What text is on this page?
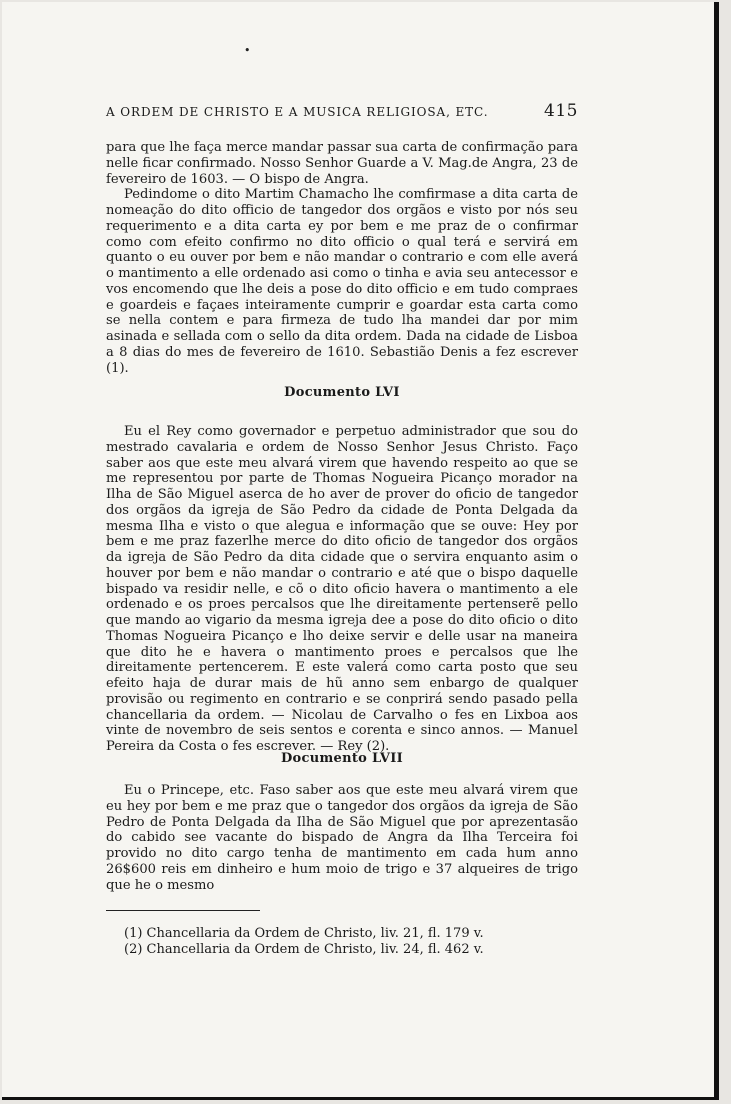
•
A ORDEM DE CHRISTO E A MUSICA RELIGIOSA, ETC.	415

para que lhe faça merce mandar passar sua carta de confirmação para nelle ficar confirmado. Nosso Senhor Guarde a V. Mag.de Angra, 23 de fevereiro de 1603. — O bispo de Angra.

Pedindome o dito Martim Chamacho lhe comfirmase a dita carta de nomeação do dito officio de tangedor dos orgãos e visto por nós seu requerimento e a dita carta ey por bem e me praz de o confirmar como com efeito confirmo no dito officio o qual terá e servirá em quanto o eu ouver por bem e não mandar o contrario e com elle averá o mantimento a elle ordenado asi como o tinha e avia seu antecessor e vos encomendo que lhe deis a pose do dito officio e em tudo compraes e goardeis e façaes inteiramente cumprir e goardar esta carta como se nella contem e para firmeza de tudo lha mandei dar por mim asinada e sellada com o sello da dita ordem. Dada na cidade de Lisboa a 8 dias do mes de fevereiro de 1610. Sebastião Denis a fez escrever (1).

Documento LVI

Eu el Rey como governador e perpetuo administrador que sou do mestrado cavalaria e ordem de Nosso Senhor Jesus Christo. Faço saber aos que este meu alvará virem que havendo respeito ao que se me representou por parte de Thomas Nogueira Picanço morador na Ilha de São Miguel aserca de ho aver de prover do oficio de tangedor dos orgãos da igreja de São Pedro da cidade de Ponta Delgada da mesma Ilha e visto o que alegua e informação que se ouve: Hey por bem e me praz fazerlhe merce do dito oficio de tangedor dos orgãos da igreja de São Pedro da dita cidade que o servira enquanto asim o houver por bem e não mandar o contrario e até que o bispo daquelle bispado va residir nelle, e cõ o dito oficio havera o mantimento a ele ordenado e os proes percalsos que lhe direitamente pertenserẽ pello que mando ao vigario da mesma igreja dee a pose do dito oficio o dito Thomas Nogueira Picanço e lho deixe servir e delle usar na maneira que dito he e havera o mantimento proes e percalsos que lhe direitamente pertencerem. E este valerá como carta posto que seu efeito haja de durar mais de hũ anno sem enbargo de qualquer provisão ou regimento en contrario e se conprirá sendo pasado pella chancellaria da ordem. — Nicolau de Carvalho o fes en Lixboa aos vinte de novembro de seis sentos e corenta e sinco annos. — Manuel Pereira da Costa o fes escrever. — Rey (2).

Documento LVII

Eu o Princepe, etc. Faso saber aos que este meu alvará virem que eu hey por bem e me praz que o tangedor dos orgãos da igreja de São Pedro de Ponta Delgada da Ilha de São Miguel que por aprezentasão do cabido see vacante do bispado de Angra da Ilha Terceira foi provido no dito cargo tenha de mantimento em cada hum anno 26$600 reis em dinheiro e hum moio de trigo e 37 alqueires de trigo que he o mesmo

(1) Chancellaria da Ordem de Christo, liv. 21, fl. 179 v.
(2) Chancellaria da Ordem de Christo, liv. 24, fl. 462 v.
